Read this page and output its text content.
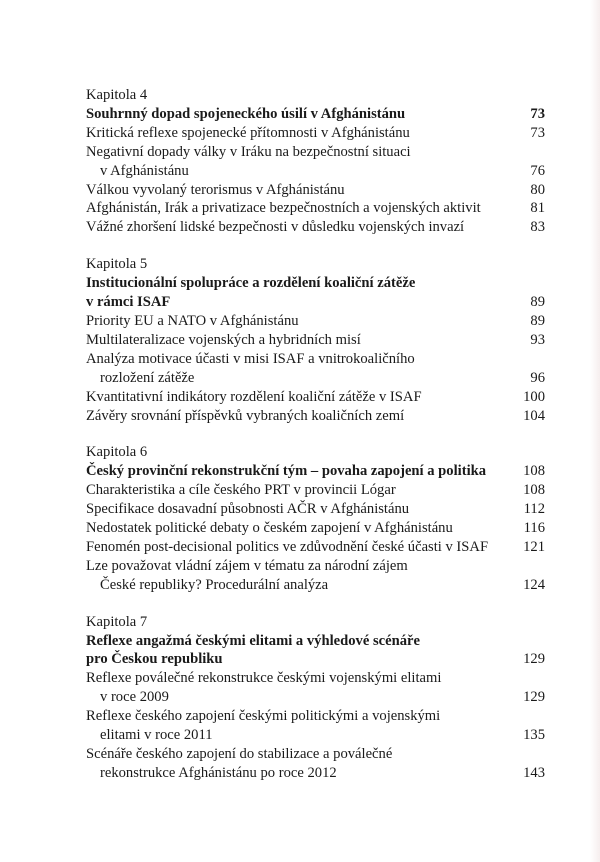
Kapitola 4
Souhrnný dopad spojeneckého úsilí v Afghánistánu	73
Kritická reflexe spojenecké přítomnosti v Afghánistánu	73
Negativní dopady války v Iráku na bezpečnostní situaci
v Afghánistánu	76
Válkou vyvolaný terorismus v Afghánistánu	80
Afghánistán, Irák a privatizace bezpečnostních a vojenských aktivit	81
Vážné zhoršení lidské bezpečnosti v důsledku vojenských invazí	83
Kapitola 5
Institucionální spolupráce a rozdělení koaliční zátěže
v rámci ISAF	89
Priority EU a NATO v Afghánistánu	89
Multilateralizace vojenských a hybridních misí	93
Analýza motivace účasti v misi ISAF a vnitrokoaličního
rozložení zátěže	96
Kvantitativní indikátory rozdělení koaliční zátěže v ISAF	100
Závěry srovnání příspěvků vybraných koaličních zemí	104
Kapitola 6
Český provinční rekonstrukční tým – povaha zapojení a politika	108
Charakteristika a cíle českého PRT v provincii Lógar	108
Specifikace dosavadní působnosti AČR v Afghánistánu	112
Nedostatek politické debaty o českém zapojení v Afghánistánu	116
Fenomén post-decisional politics ve zdůvodnění české účasti v ISAF	121
Lze považovat vládní zájem v tématu za národní zájem
České republiky? Procedurální analýza	124
Kapitola 7
Reflexe angažmá českými elitami a výhledové scénáře
pro Českou republiku	129
Reflexe poválečné rekonstrukce českými vojenskými elitami
v roce 2009	129
Reflexe českého zapojení českými politickými a vojenskými
elitami v roce 2011	135
Scénáře českého zapojení do stabilizace a poválečné
rekonstrukce Afghánistánu po roce 2012	143
